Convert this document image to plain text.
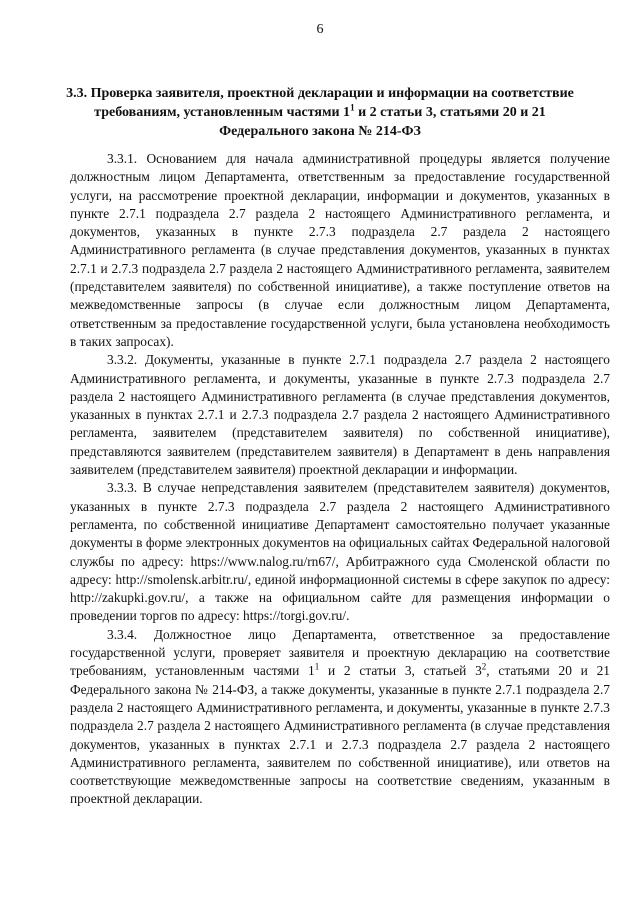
6
3.3. Проверка заявителя, проектной декларации и информации на соответствие требованиям, установленным частями $1^1$ и 2 статьи 3, статьями 20 и 21 Федерального закона № 214-ФЗ

3.3.1. Основанием для начала административной процедуры является получение должностным лицом Департамента, ответственным за предоставление государственной услуги, на рассмотрение проектной декларации, информации и документов, указанных в пункте 2.7.1 подраздела 2.7 раздела 2 настоящего Административного регламента, и документов, указанных в пункте 2.7.3 подраздела 2.7 раздела 2 настоящего Административного регламента (в случае представления документов, указанных в пунктах 2.7.1 и 2.7.3 подраздела 2.7 раздела 2 настоящего Административного регламента, заявителем (представителем заявителя) по собственной инициативе), а также поступление ответов на межведомственные запросы (в случае если должностным лицом Департамента, ответственным за предоставление государственной услуги, была установлена необходимость в таких запросах).

3.3.2. Документы, указанные в пункте 2.7.1 подраздела 2.7 раздела 2 настоящего Административного регламента, и документы, указанные в пункте 2.7.3 подраздела 2.7 раздела 2 настоящего Административного регламента (в случае представления документов, указанных в пунктах 2.7.1 и 2.7.3 подраздела 2.7 раздела 2 настоящего Административного регламента, заявителем (представителем заявителя) по собственной инициативе), представляются заявителем (представителем заявителя) в Департамент в день направления заявителем (представителем заявителя) проектной декларации и информации.

3.3.3. В случае непредставления заявителем (представителем заявителя) документов, указанных в пункте 2.7.3 подраздела 2.7 раздела 2 настоящего Административного регламента, по собственной инициативе Департамент самостоятельно получает указанные документы в форме электронных документов на официальных сайтах Федеральной налоговой службы по адресу: https://www.nalog.ru/rn67/, Арбитражного суда Смоленской области по адресу: http://smolensk.arbitr.ru/, единой информационной системы в сфере закупок по адресу: http://zakupki.gov.ru/, а также на официальном сайте для размещения информации о проведении торгов по адресу: https://torgi.gov.ru/.

3.3.4. Должностное лицо Департамента, ответственное за предоставление государственной услуги, проверяет заявителя и проектную декларацию на соответствие требованиям, установленным частями $1^1$ и 2 статьи 3, статьей $3^2$, статьями 20 и 21 Федерального закона № 214-ФЗ, а также документы, указанные в пункте 2.7.1 подраздела 2.7 раздела 2 настоящего Административного регламента, и документы, указанные в пункте 2.7.3 подраздела 2.7 раздела 2 настоящего Административного регламента (в случае представления документов, указанных в пунктах 2.7.1 и 2.7.3 подраздела 2.7 раздела 2 настоящего Административного регламента, заявителем по собственной инициативе), или ответов на соответствующие межведомственные запросы на соответствие сведениям, указанным в проектной декларации.
